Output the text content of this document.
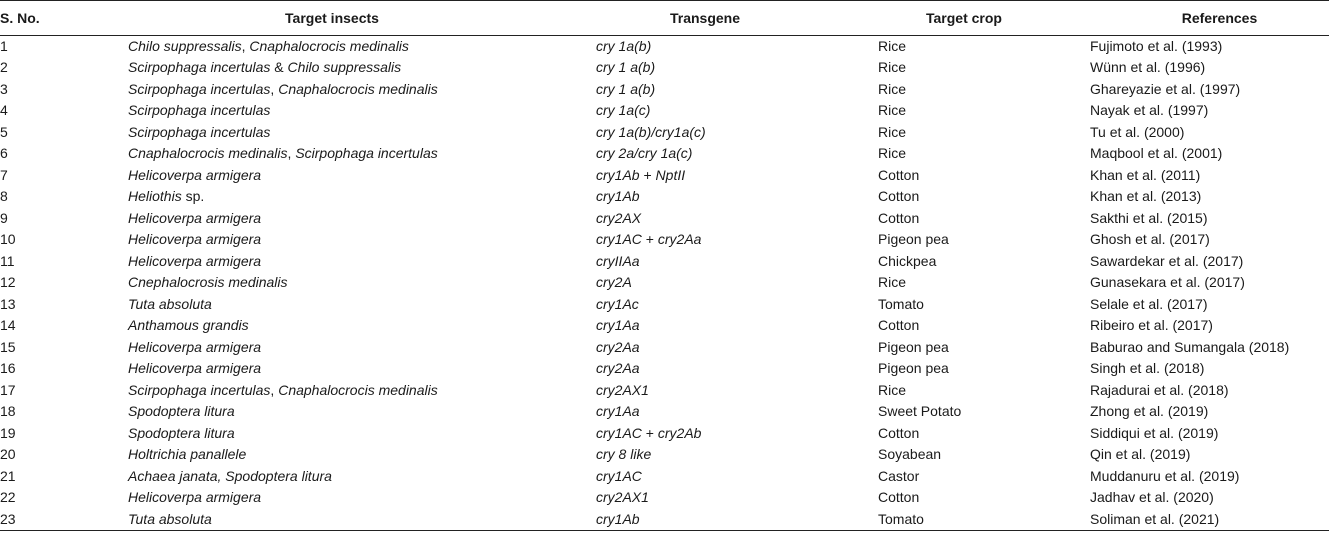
S. No.	Target insects	Transgene	Target crop	References
1	Chilo suppressalis, Cnaphalocrocis medinalis	cry 1a(b)	Rice	Fujimoto et al. (1993)
2	Scirpophaga incertulas & Chilo suppressalis	cry 1 a(b)	Rice	Wünn et al. (1996)
3	Scirpophaga incertulas, Cnaphalocrocis medinalis	cry 1 a(b)	Rice	Ghareyazie et al. (1997)
4	Scirpophaga incertulas	cry 1a(c)	Rice	Nayak et al. (1997)
5	Scirpophaga incertulas	cry 1a(b)/cry1a(c)	Rice	Tu et al. (2000)
6	Cnaphalocrocis medinalis, Scirpophaga incertulas	cry 2a/cry 1a(c)	Rice	Maqbool et al. (2001)
7	Helicoverpa armigera	cry1Ab + NptII	Cotton	Khan et al. (2011)
8	Heliothis sp.	cry1Ab	Cotton	Khan et al. (2013)
9	Helicoverpa armigera	cry2AX	Cotton	Sakthi et al. (2015)
10	Helicoverpa armigera	cry1AC + cry2Aa	Pigeon pea	Ghosh et al. (2017)
11	Helicoverpa armigera	cryIIAa	Chickpea	Sawardekar et al. (2017)
12	Cnephalocrosis medinalis	cry2A	Rice	Gunasekara et al. (2017)
13	Tuta absoluta	cry1Ac	Tomato	Selale et al. (2017)
14	Anthamous grandis	cry1Aa	Cotton	Ribeiro et al. (2017)
15	Helicoverpa armigera	cry2Aa	Pigeon pea	Baburao and Sumangala (2018)
16	Helicoverpa armigera	cry2Aa	Pigeon pea	Singh et al. (2018)
17	Scirpophaga incertulas, Cnaphalocrocis medinalis	cry2AX1	Rice	Rajadurai et al. (2018)
18	Spodoptera litura	cry1Aa	Sweet Potato	Zhong et al. (2019)
19	Spodoptera litura	cry1AC + cry2Ab	Cotton	Siddiqui et al. (2019)
20	Holtrichia panallele	cry 8 like	Soyabean	Qin et al. (2019)
21	Achaea janata, Spodoptera litura	cry1AC	Castor	Muddanuru et al. (2019)
22	Helicoverpa armigera	cry2AX1	Cotton	Jadhav et al. (2020)
23	Tuta absoluta	cry1Ab	Tomato	Soliman et al. (2021)
